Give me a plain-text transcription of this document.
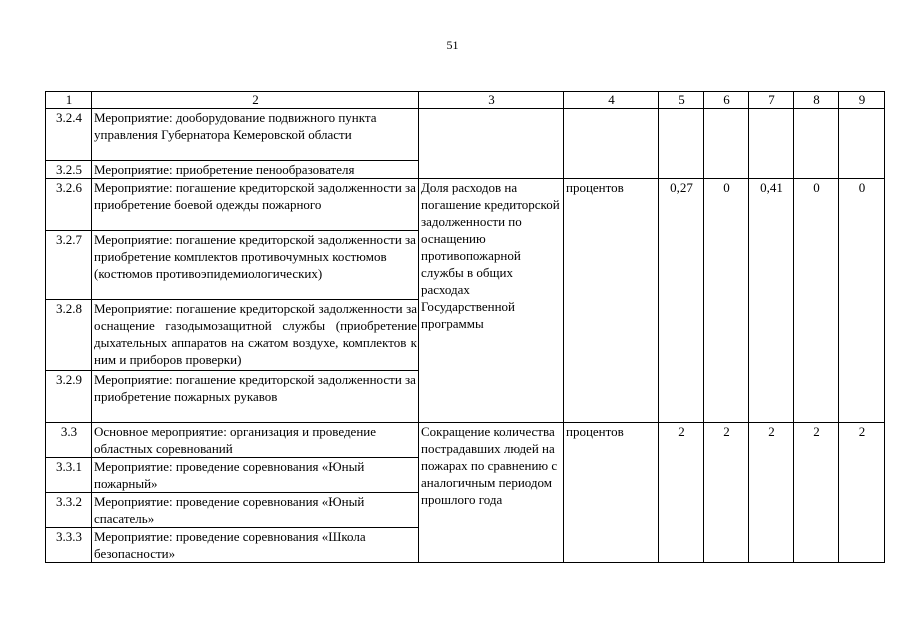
51
1	2	3	4	5	6	7	8	9
3.2.4	Мероприятие: дооборудование подвижного пункта управления Губернатора Кемеровской области							
3.2.5	Мероприятие: приобретение пенообразователя							
3.2.6	Мероприятие: погашение кредиторской задолженности за приобретение боевой одежды пожарного	Доля расходов на погашение кредиторской задолженности по оснащению противопожарной службы в общих расходах Государственной программы	процентов	0,27	0	0,41	0	0
3.2.7	Мероприятие: погашение кредиторской задолженности за приобретение комплектов противочумных костюмов (костюмов противоэпидемиологических)							
3.2.8	Мероприятие: погашение кредиторской задолженности за оснащение газодымозащитной службы (приобретение дыхательных аппаратов на сжатом воздухе, комплектов к ним и приборов проверки)							
3.2.9	Мероприятие: погашение кредиторской задолженности за приобретение пожарных рукавов							
3.3	Основное мероприятие: организация и проведение областных соревнований	Сокращение количества пострадавших людей на пожарах по сравнению с аналогичным периодом прошлого года	процентов	2	2	2	2	2
3.3.1	Мероприятие: проведение соревнования «Юный пожарный»							
3.3.2	Мероприятие: проведение соревнования «Юный спасатель»							
3.3.3	Мероприятие: проведение соревнования «Школа безопасности»							
